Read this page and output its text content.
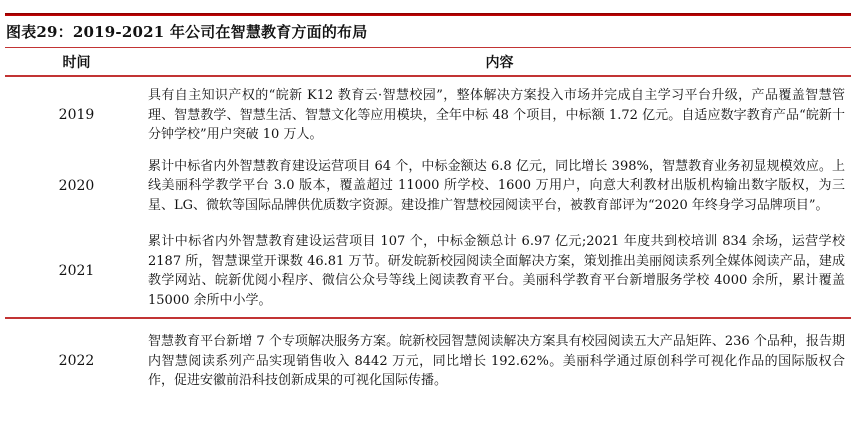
图表29：2019-2021 年公司在智慧教育方面的布局
时间	内容
2019
具有自主知识产权的“皖新 K12 教育云·智慧校园”，整体解决方案投入市场并完成自主学习平台升级，产品覆盖智慧管理、智慧教学、智慧生活、智慧文化等应用模块，全年中标 48 个项目，中标额 1.72 亿元。自适应数字教育产品“皖新十分钟学校”用户突破 10 万人。
2020
累计中标省内外智慧教育建设运营项目 64 个，中标金额达 6.8 亿元，同比增长 398%，智慧教育业务初显规模效应。上线美丽科学教学平台 3.0 版本，覆盖超过 11000 所学校、1600 万用户，向意大利教材出版机构输出数字版权，为三星、LG、微软等国际品牌供优质数字资源。建设推广智慧校园阅读平台，被教育部评为“2020 年终身学习品牌项目”。
2021
累计中标省内外智慧教育建设运营项目 107 个，中标金额总计 6.97 亿元;2021 年度共到校培训 834 余场，运营学校 2187 所，智慧课堂开课数 46.81 万节。研发皖新校园阅读全面解决方案，策划推出美丽阅读系列全媒体阅读产品，建成教学网站、皖新优阅小程序、微信公众号等线上阅读教育平台。美丽科学教育平台新增服务学校 4000 余所，累计覆盖 15000 余所中小学。
2022
智慧教育平台新增 7 个专项解决服务方案。皖新校园智慧阅读解决方案具有校园阅读五大产品矩阵、236 个品种，报告期内智慧阅读系列产品实现销售收入 8442 万元，同比增长 192.62%。美丽科学通过原创科学可视化作品的国际版权合作，促进安徽前沿科技创新成果的可视化国际传播。
